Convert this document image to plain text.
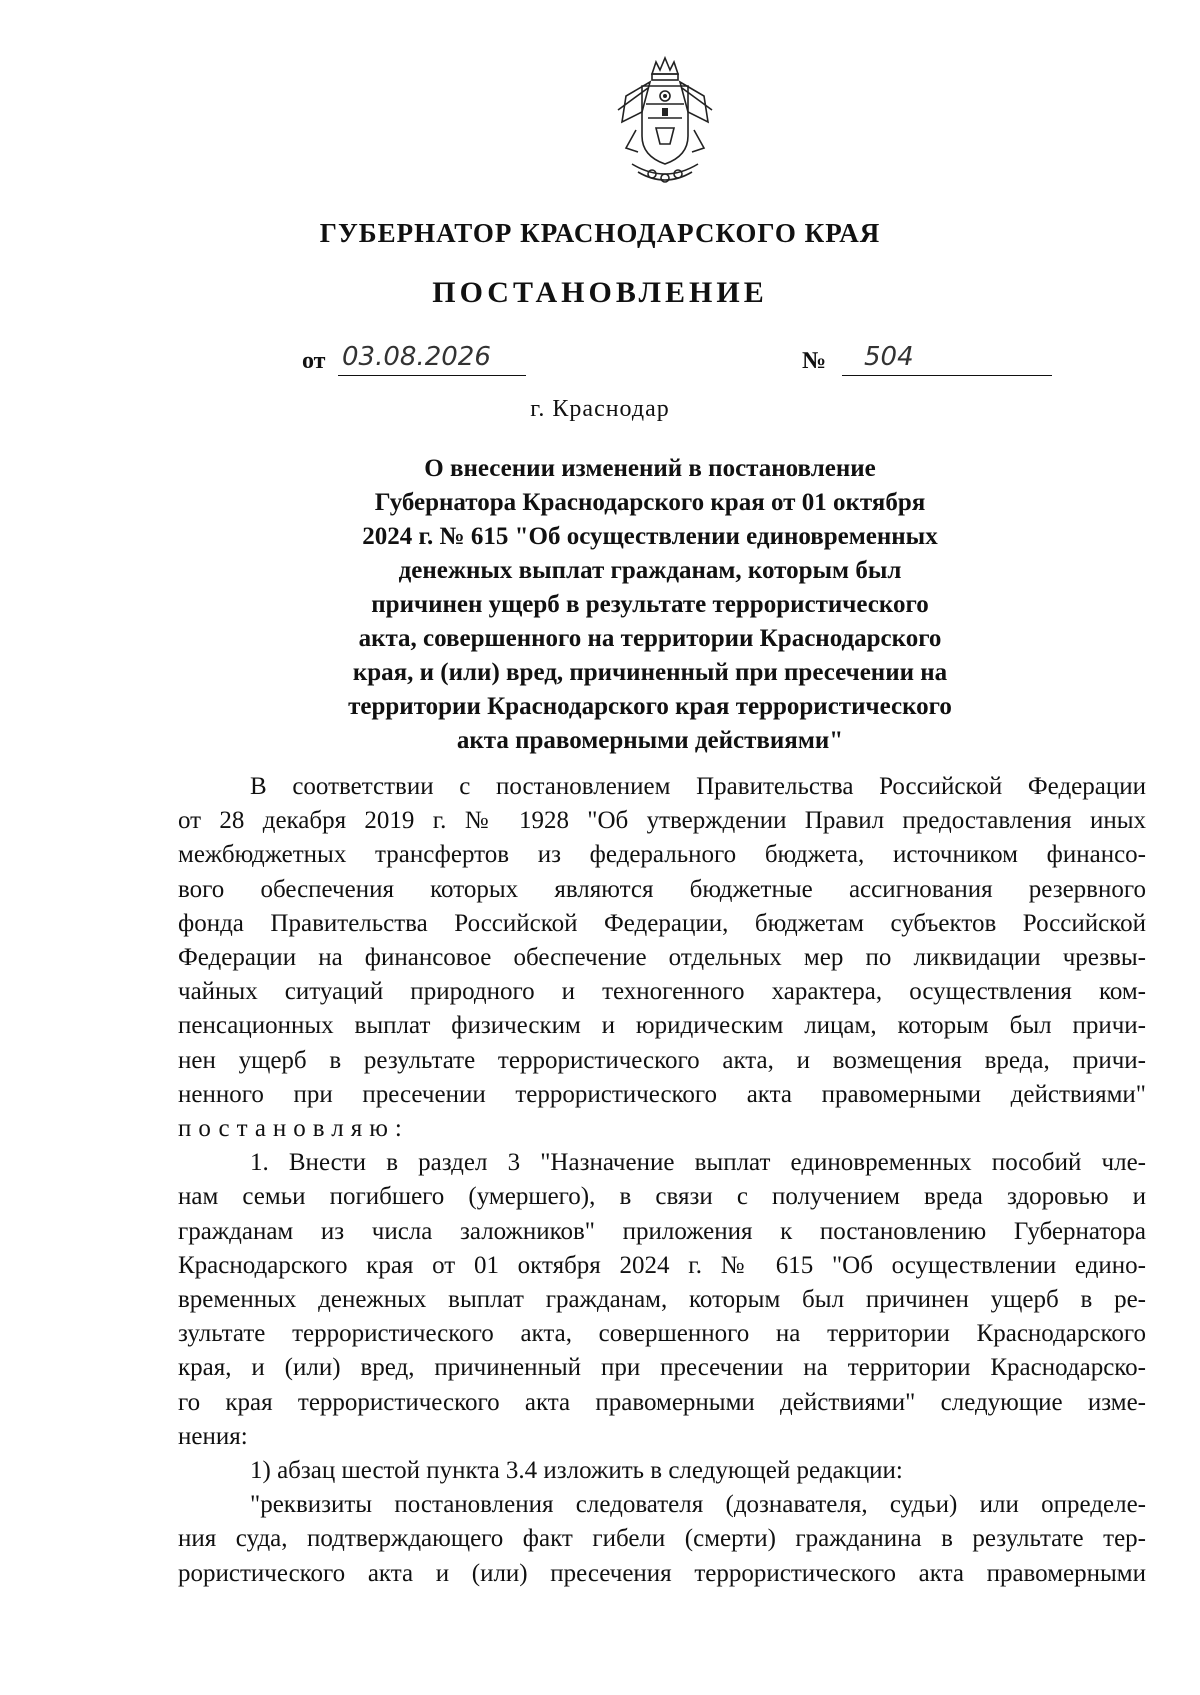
ГУБЕРНАТОР КРАСНОДАРСКОГО КРАЯ
ПОСТАНОВЛЕНИЕ
от 03.08.2026	№	504
г. Краснодар
О внесении изменений в постановление
Губернатора Краснодарского края от 01 октября
2024 г. № 615 "Об осуществлении единовременных
денежных выплат гражданам, которым был
причинен ущерб в результате террористического
акта, совершенного на территории Краснодарского
края, и (или) вред, причиненный при пресечении на
территории Краснодарского края террористического
акта правомерными действиями"

В соответствии с постановлением Правительства Российской Федерации

от 28 декабря 2019 г. № 1928 "Об утверждении Правил предоставления иных

межбюджетных трансфертов из федерального бюджета, источником финансо-

вого обеспечения которых являются бюджетные ассигнования резервного

фонда Правительства Российской Федерации, бюджетам субъектов Российской

Федерации на финансовое обеспечение отдельных мер по ликвидации чрезвы-

чайных ситуаций природного и техногенного характера, осуществления ком-

пенсационных выплат физическим и юридическим лицам, которым был причи-

нен ущерб в результате террористического акта, и возмещения вреда, причи-

ненного при пресечении террористического акта правомерными действиями"

постановляю:

1. Внести в раздел 3 "Назначение выплат единовременных пособий чле-

нам семьи погибшего (умершего), в связи с получением вреда здоровью и

гражданам из числа заложников" приложения к постановлению Губернатора

Краснодарского края от 01 октября 2024 г. № 615 "Об осуществлении едино-

временных денежных выплат гражданам, которым был причинен ущерб в ре-

зультате террористического акта, совершенного на территории Краснодарского

края, и (или) вред, причиненный при пресечении на территории Краснодарско-

го края террористического акта правомерными действиями" следующие изме-

нения:

1) абзац шестой пункта 3.4 изложить в следующей редакции:

"реквизиты постановления следователя (дознавателя, судьи) или определе-

ния суда, подтверждающего факт гибели (смерти) гражданина в результате тер-

рористического акта и (или) пресечения террористического акта правомерными
